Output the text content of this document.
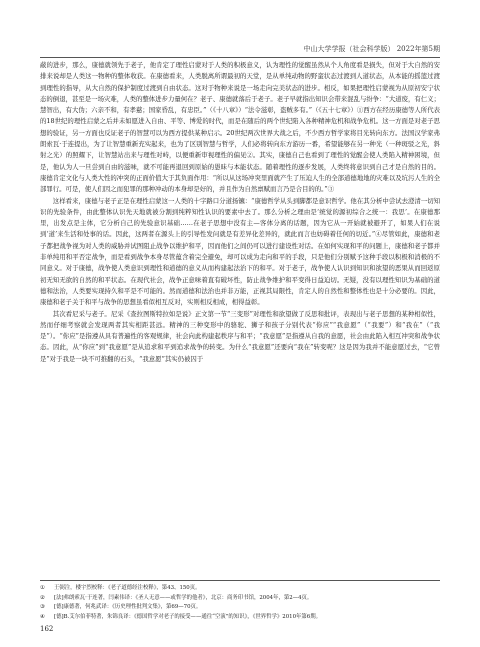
中山大学学报（社会科学版） 2022年第5期

蔽的进步，那么，康德就领先于老子，他肯定了理性启蒙对于人类的积极意义，认为理性的觉醒虽然从个人角度看是损失，但对于大自然的安排来说却是人类这一物种的整体收获。在康德看来，人类脱离所谓最初的天堂，是从单纯动物的野蛮状态过渡到人道状态，从本能的摇篮过渡到理性的指导，从大自然的保护制度过渡到自由状态。这对于物种来说是一场走向完美状态的进步。相反，如果把理性启蒙视为从原初安宁状态的倒退，甚至是一场灾难，人类的整体进步力量何在？老子、康德就落后于老子。老子早就指出知识会带来混乱与纷争：“大道废，有仁义；慧智出，有大伪；六亲不和，有孝慈；国家昏乱，有忠臣。”（《十八章》）“法令滋彰，盗贼多有。”（《五十七章》）①西方在经历康德等人所代表的18世纪的理性启蒙之后并未如愿进入自由、平等、博爱的时代，而是在随后的两个世纪陷入各种精神危机和战争危机。这一方面是对老子思想的验证，另一方面也反证老子的智慧可以为西方提供某种启示。20世纪两次世界大战之后，不少西方哲学家将目光转向东方。法国汉学家弗朗索瓦·于连提出，为了让智慧重新充实起来，也为了区别智慧与哲学，人们必将转向东方游历一番，希望能够在另一种光（一种斑驳之光，斜射之光）的照耀下，让智慧站出来与理性对峙，以便重新审视理性的偏见②。其实，康德自己也看到了理性的觉醒会使人类陷入精神困境，但是，他认为人一旦尝到自由的滋味，就不可能再退回到原始的愚昧与本能状态。随着理性的逐步发展，人类终将意识到自己才是自然的目的。康德肯定文化与人类大性的冲突的正面价值大于其负面作用：“所以从这场冲突里面就产生了压迫人生的全部道德地地的灾难以及坑污人生的全部罪行。可是，使人们因之而犯罪的那种冲动的本身却是好的，并且作为自然禀赋而言乃是合目的的。”③

这样看来，康德与老子正是在理性启蒙这一人类的十字路口分道扬镳：“康德哲学从头到脚都是意识哲学。他在其分析中尝试去澄清一切知识的先验条件，由此整体认识先天地就被分割到纯粹知性认识的要素中去了。那么分析之理由是‘统觉的源初综合之统一：我思’。在康德那里，出发点是主体，它分析自己的先验意识基础……在老子思想中没有主—客体分离的话题，因为它从一开始就被避开了，如果人们在说到‘道’来生活和处事的话。因此，这两者在源头上的引导性发问就是有差异化差异的，就此而言也妨碍着任何的切近。”④尽管如此，康德和老子都把战争视为对人类的威胁并试图阻止战争以维护和平，因而他们之间仍可以进行建设性对话。在如何实现和平的问题上，康德和老子都并非单纯用和平否定战争，而是看到战争本身尽管蕴含着完全避免，却可以成为走向和平的手段，只是他们分别赋予这种手段以积极和消极的不同意义。对于康德，战争使人类意识到理性和道德的意义从而构建起法治下的和平。对于老子，战争使人认识到知识和欲望的恶果从而回返原初无知无欲的自然的和平状态。在现代社会，战争正意味着直有破坏性，防止战争维护和平变得日益迫切。无疑，没有以理性知识为基础的道德和法治，人类要实现持久和平是不可能的。然而道德和法治也并非万能，正视其局限性，肯定人的自然性和整体性也是十分必要的。因此，康德和老子关于和平与战争的思想虽看似相互反对，实则相反相成，相得益彰。

其次看尼采与老子。尼采《查拉图斯特拉如是说》正文第一节“三变形”对理性和欲望做了反思和批评，表现出与老子思想的某种相似性，然而仔细考察就会发现两者其实相距甚远。精神的三种变形中的骆驼、狮子和孩子分别代表“你应”“我意愿”（“我要”）和“我在”（“我是”）。“你应”是指遵从具有普遍性的客观规律，社会向此构建起秩序与和平；“我意愿”是指遵从自我的意愿，社会由此陷入相互冲突和战争状态。因此，从“你应”到“我意愿”是从追求和平到追求战争的转变。为什么“我意愿”还要向“我在”转变呢？这是因为我并不能意愿过去，“它曾是”对于我是一块不可推翻的石头，“我意愿”其实仍被囚于

①	王弼注，楼宇烈校释：《老子道德经注校释》，第43、150页。
②	[法]弗朗索瓦·于连著，闫素伟译：《圣人无意——或哲学的他者》，北京：商务印书馆，2004年，第2—4页。
③	[德]康德著，何兆武译：《历史理性批判文集》，第69—70页。
④	[德]B.艾尔伯菲特著，朱锦良译：《德国哲学对老子的接受——通往“空演”的知识》，《世界哲学》2010年第6期。
162
